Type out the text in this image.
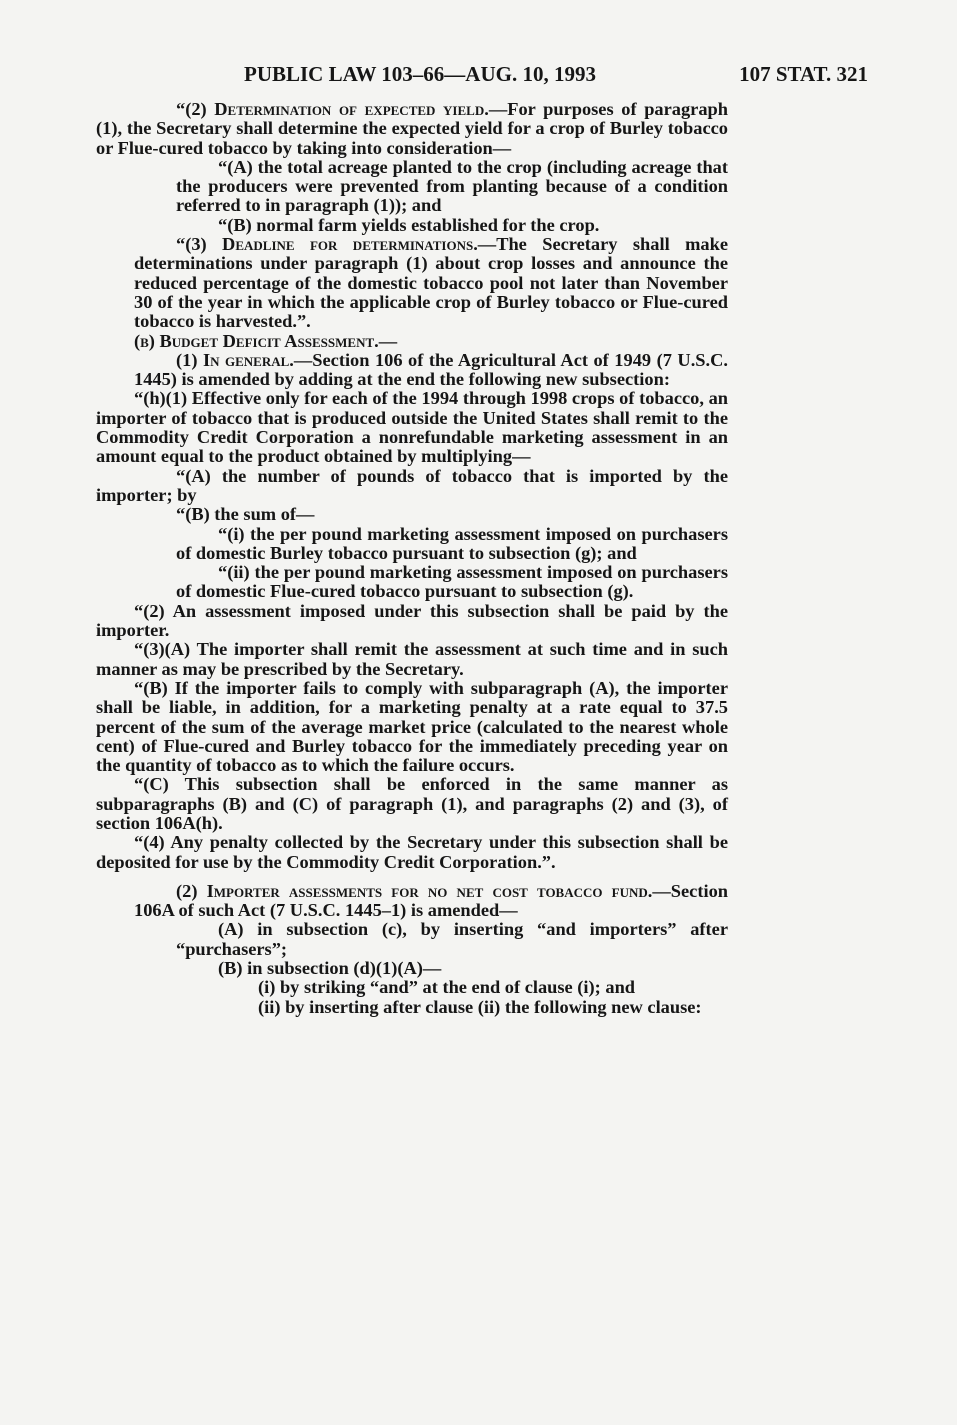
PUBLIC LAW 103–66—AUG. 10, 1993	107 STAT. 321

“(2) Determination of expected yield.—For purposes of paragraph (1), the Secretary shall determine the expected yield for a crop of Burley tobacco or Flue-cured tobacco by taking into consideration—

“(A) the total acreage planted to the crop (including acreage that the producers were prevented from planting because of a condition referred to in paragraph (1)); and

“(B) normal farm yields established for the crop.

“(3) Deadline for determinations.—The Secretary shall make determinations under paragraph (1) about crop losses and announce the reduced percentage of the domestic tobacco pool not later than November 30 of the year in which the applicable crop of Burley tobacco or Flue-cured tobacco is harvested.”.

(b) Budget Deficit Assessment.—

(1) In general.—Section 106 of the Agricultural Act of 1949 (7 U.S.C. 1445) is amended by adding at the end the following new subsection:

“(h)(1) Effective only for each of the 1994 through 1998 crops of tobacco, an importer of tobacco that is produced outside the United States shall remit to the Commodity Credit Corporation a nonrefundable marketing assessment in an amount equal to the product obtained by multiplying—

“(A) the number of pounds of tobacco that is imported by the importer; by

“(B) the sum of—

“(i) the per pound marketing assessment imposed on purchasers of domestic Burley tobacco pursuant to subsection (g); and

“(ii) the per pound marketing assessment imposed on purchasers of domestic Flue-cured tobacco pursuant to subsection (g).

“(2) An assessment imposed under this subsection shall be paid by the importer.

“(3)(A) The importer shall remit the assessment at such time and in such manner as may be prescribed by the Secretary.

“(B) If the importer fails to comply with subparagraph (A), the importer shall be liable, in addition, for a marketing penalty at a rate equal to 37.5 percent of the sum of the average market price (calculated to the nearest whole cent) of Flue-cured and Burley tobacco for the immediately preceding year on the quantity of tobacco as to which the failure occurs.

“(C) This subsection shall be enforced in the same manner as subparagraphs (B) and (C) of paragraph (1), and paragraphs (2) and (3), of section 106A(h).

“(4) Any penalty collected by the Secretary under this subsection shall be deposited for use by the Commodity Credit Corporation.”.

(2) Importer assessments for no net cost tobacco fund.—Section 106A of such Act (7 U.S.C. 1445–1) is amended—

(A) in subsection (c), by inserting “and importers” after “purchasers”;

(B) in subsection (d)(1)(A)—

(i) by striking “and” at the end of clause (i); and

(ii) by inserting after clause (ii) the following new clause:
